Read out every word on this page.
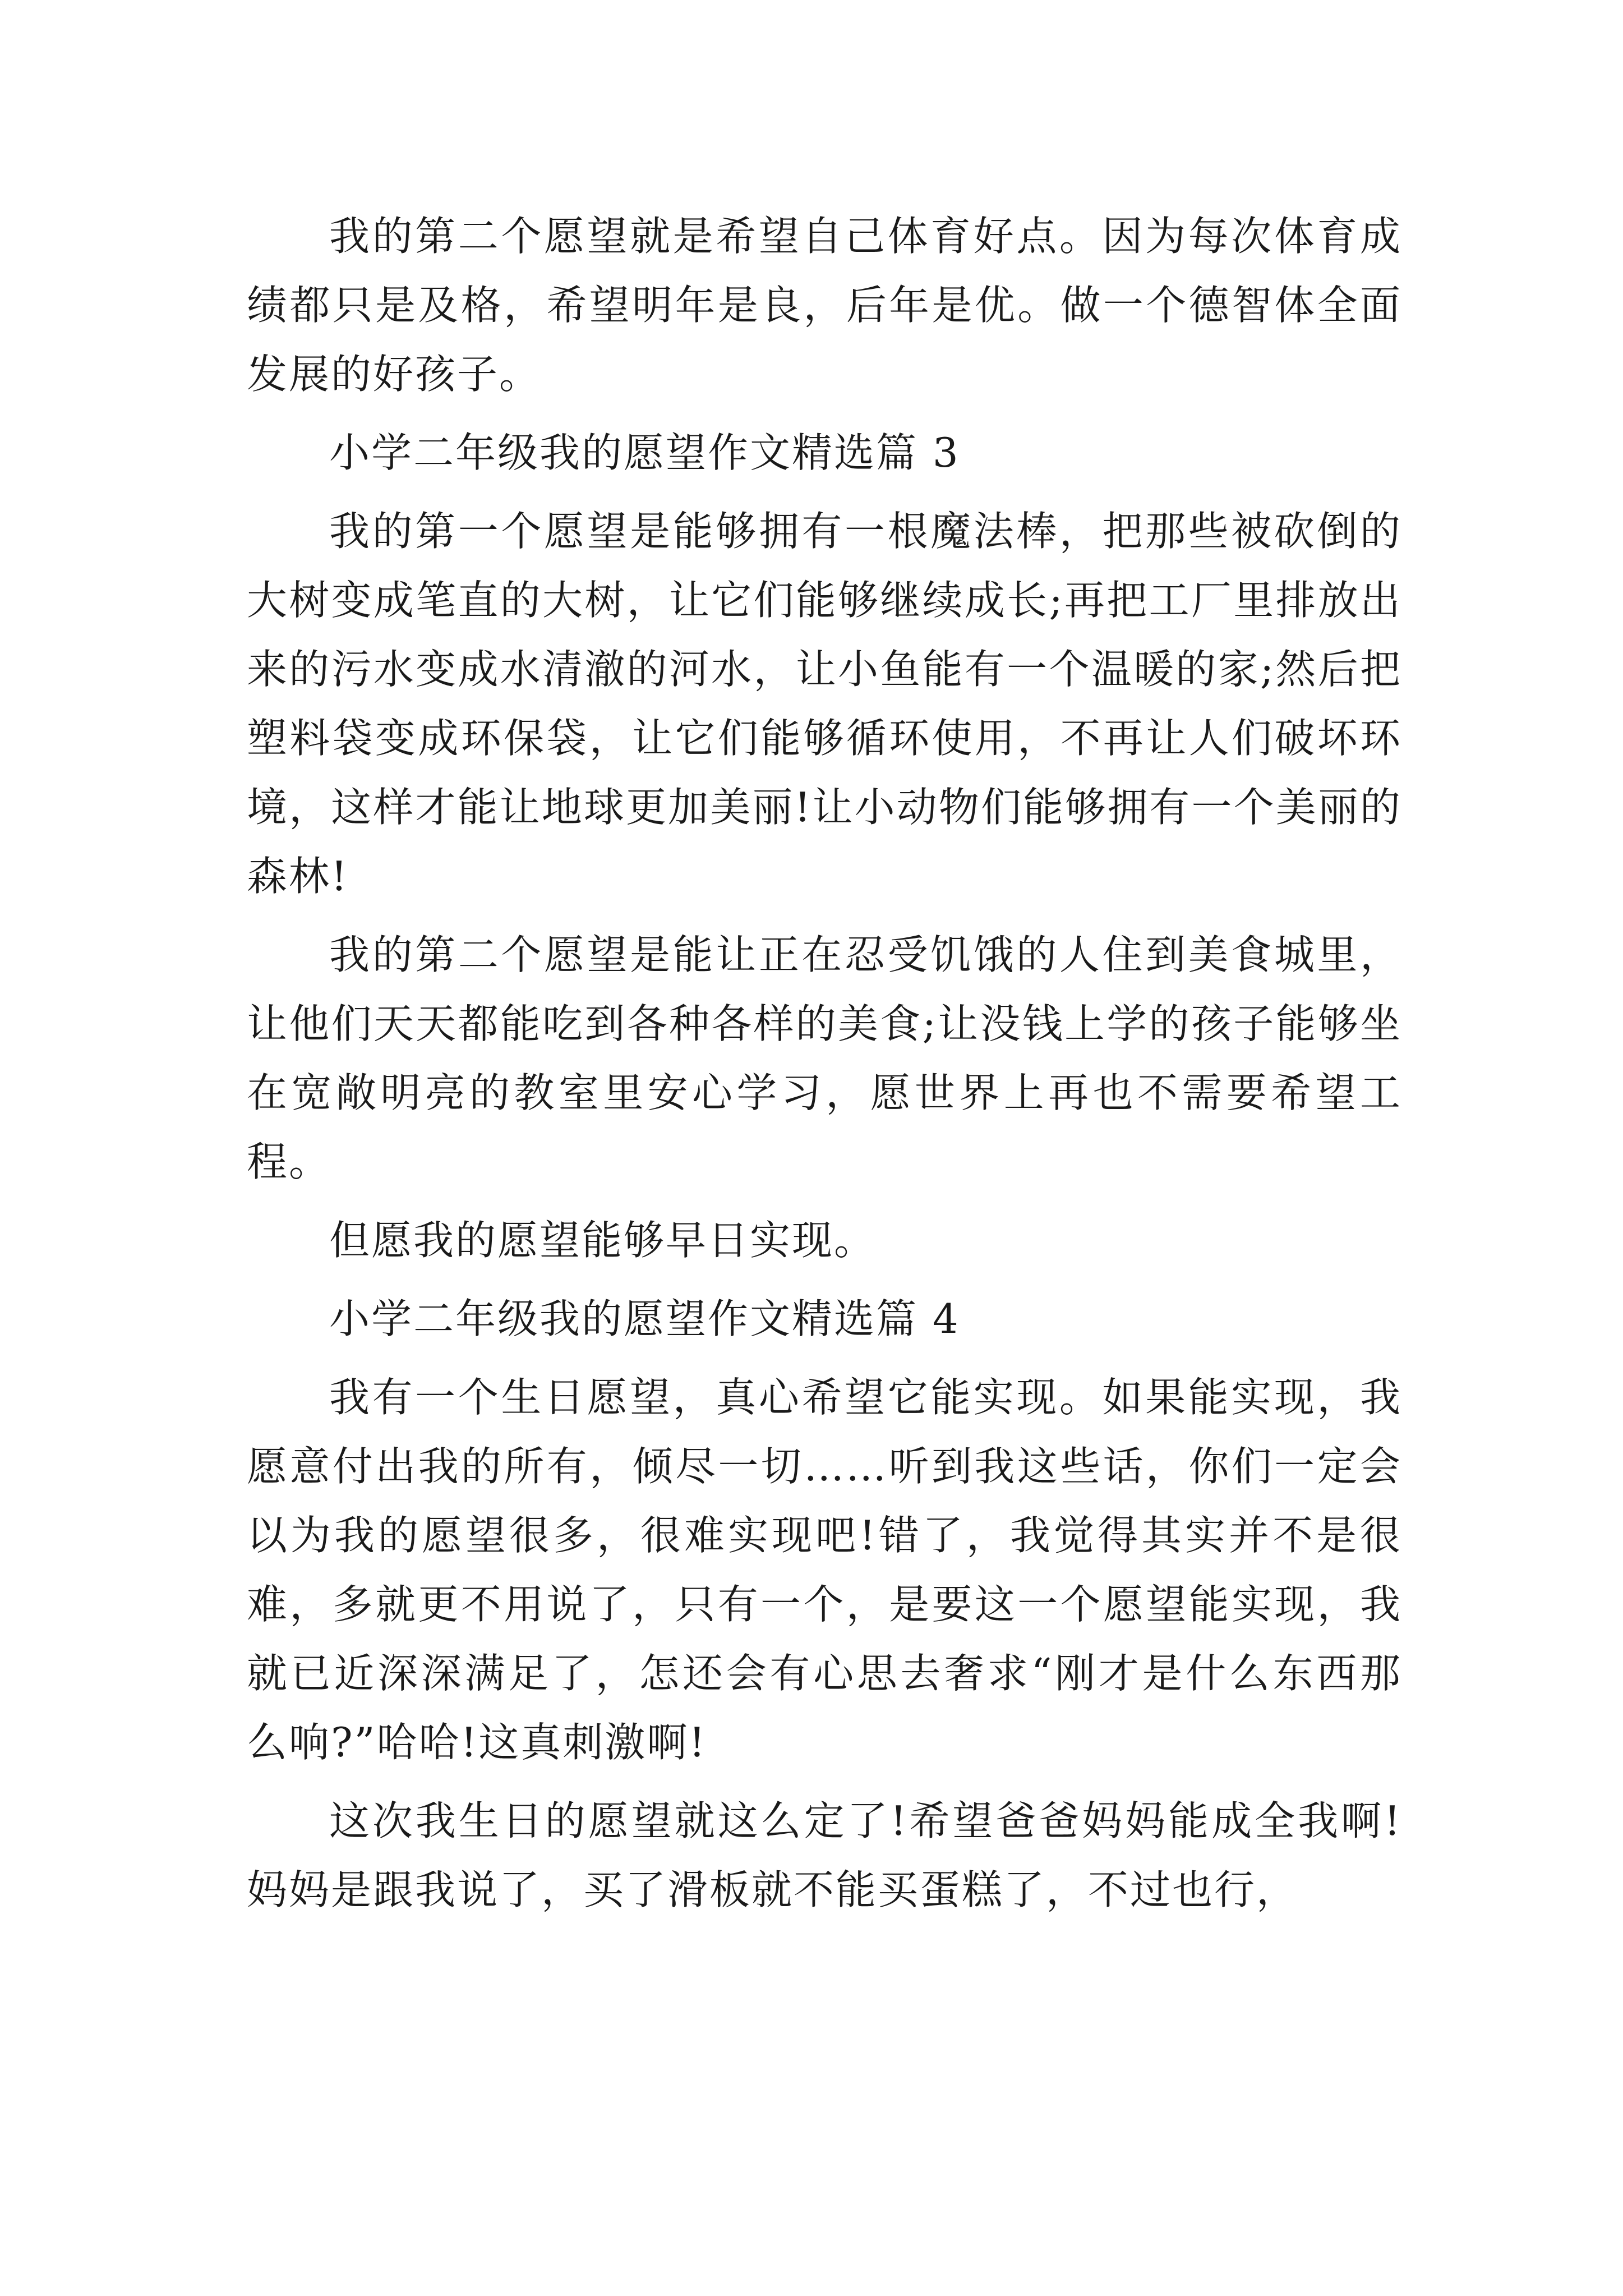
我的第二个愿望就是希望自己体育好点。因为每次体育成绩都只是及格，希望明年是良，后年是优。做一个德智体全面发展的好孩子。

小学二年级我的愿望作文精选篇 3

我的第一个愿望是能够拥有一根魔法棒，把那些被砍倒的大树变成笔直的大树，让它们能够继续成长;再把工厂里排放出来的污水变成水清澈的河水，让小鱼能有一个温暖的家;然后把塑料袋变成环保袋，让它们能够循环使用，不再让人们破坏环境，这样才能让地球更加美丽!让小动物们能够拥有一个美丽的森林!

我的第二个愿望是能让正在忍受饥饿的人住到美食城里，让他们天天都能吃到各种各样的美食;让没钱上学的孩子能够坐在宽敞明亮的教室里安心学习，愿世界上再也不需要希望工程。

但愿我的愿望能够早日实现。

小学二年级我的愿望作文精选篇 4

我有一个生日愿望，真心希望它能实现。如果能实现，我愿意付出我的所有，倾尽一切……听到我这些话，你们一定会以为我的愿望很多，很难实现吧!错了，我觉得其实并不是很难，多就更不用说了，只有一个，是要这一个愿望能实现，我就已近深深满足了，怎还会有心思去奢求“刚才是什么东西那么响?”哈哈!这真刺激啊!

这次我生日的愿望就这么定了!希望爸爸妈妈能成全我啊!妈妈是跟我说了，买了滑板就不能买蛋糕了，不过也行，
